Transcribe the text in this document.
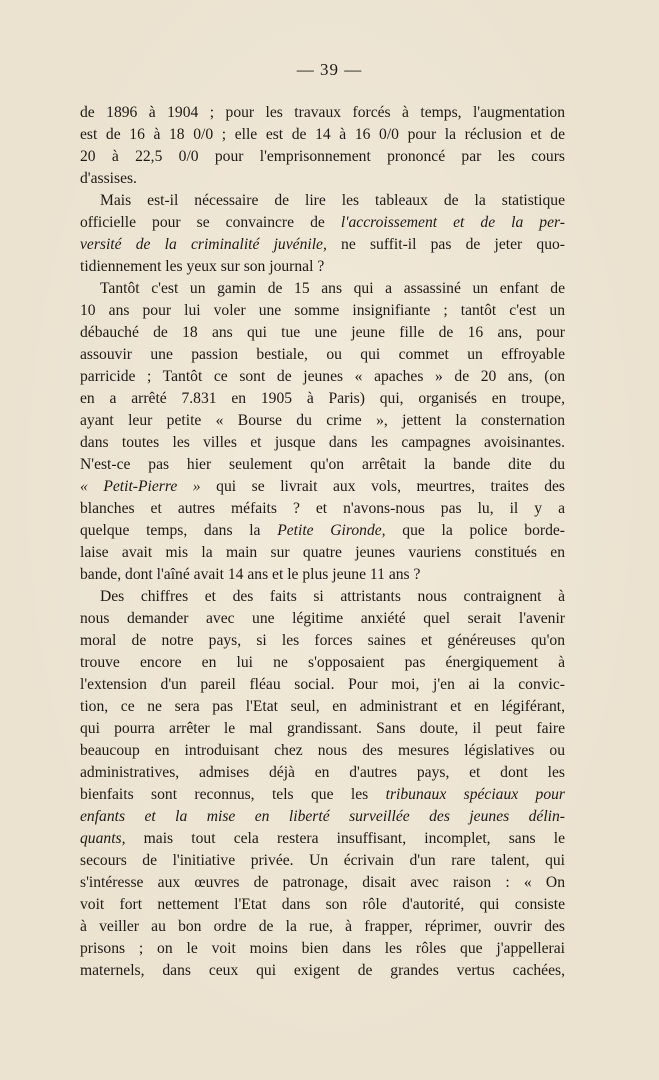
— 39 —
de 1896 à 1904 ; pour les travaux forcés à temps, l'augmentation
est de 16 à 18 0/0 ; elle est de 14 à 16 0/0 pour la réclusion et de
20 à 22,5 0/0 pour l'emprisonnement prononcé par les cours
d'assises.
Mais est-il nécessaire de lire les tableaux de la statistique
officielle pour se convaincre de l'accroissement et de la per-
versité de la criminalité juvénile, ne suffit-il pas de jeter quo-
tidiennement les yeux sur son journal ?
Tantôt c'est un gamin de 15 ans qui a assassiné un enfant de
10 ans pour lui voler une somme insignifiante ; tantôt c'est un
débauché de 18 ans qui tue une jeune fille de 16 ans, pour
assouvir une passion bestiale, ou qui commet un effroyable
parricide ; Tantôt ce sont de jeunes « apaches » de 20 ans, (on
en a arrêté 7.831 en 1905 à Paris) qui, organisés en troupe,
ayant leur petite « Bourse du crime », jettent la consternation
dans toutes les villes et jusque dans les campagnes avoisinantes.
N'est-ce pas hier seulement qu'on arrêtait la bande dite du
« Petit-Pierre » qui se livrait aux vols, meurtres, traites des
blanches et autres méfaits ? et n'avons-nous pas lu, il y a
quelque temps, dans la Petite Gironde, que la police borde-
laise avait mis la main sur quatre jeunes vauriens constitués en
bande, dont l'aîné avait 14 ans et le plus jeune 11 ans ?
Des chiffres et des faits si attristants nous contraignent à
nous demander avec une légitime anxiété quel serait l'avenir
moral de notre pays, si les forces saines et généreuses qu'on
trouve encore en lui ne s'opposaient pas énergiquement à
l'extension d'un pareil fléau social. Pour moi, j'en ai la convic-
tion, ce ne sera pas l'Etat seul, en administrant et en légiférant,
qui pourra arrêter le mal grandissant. Sans doute, il peut faire
beaucoup en introduisant chez nous des mesures législatives ou
administratives, admises déjà en d'autres pays, et dont les
bienfaits sont reconnus, tels que les tribunaux spéciaux pour
enfants et la mise en liberté surveillée des jeunes délin-
quants, mais tout cela restera insuffisant, incomplet, sans le
secours de l'initiative privée. Un écrivain d'un rare talent, qui
s'intéresse aux œuvres de patronage, disait avec raison : « On
voit fort nettement l'Etat dans son rôle d'autorité, qui consiste
à veiller au bon ordre de la rue, à frapper, réprimer, ouvrir des
prisons ; on le voit moins bien dans les rôles que j'appellerai
maternels, dans ceux qui exigent de grandes vertus cachées,
